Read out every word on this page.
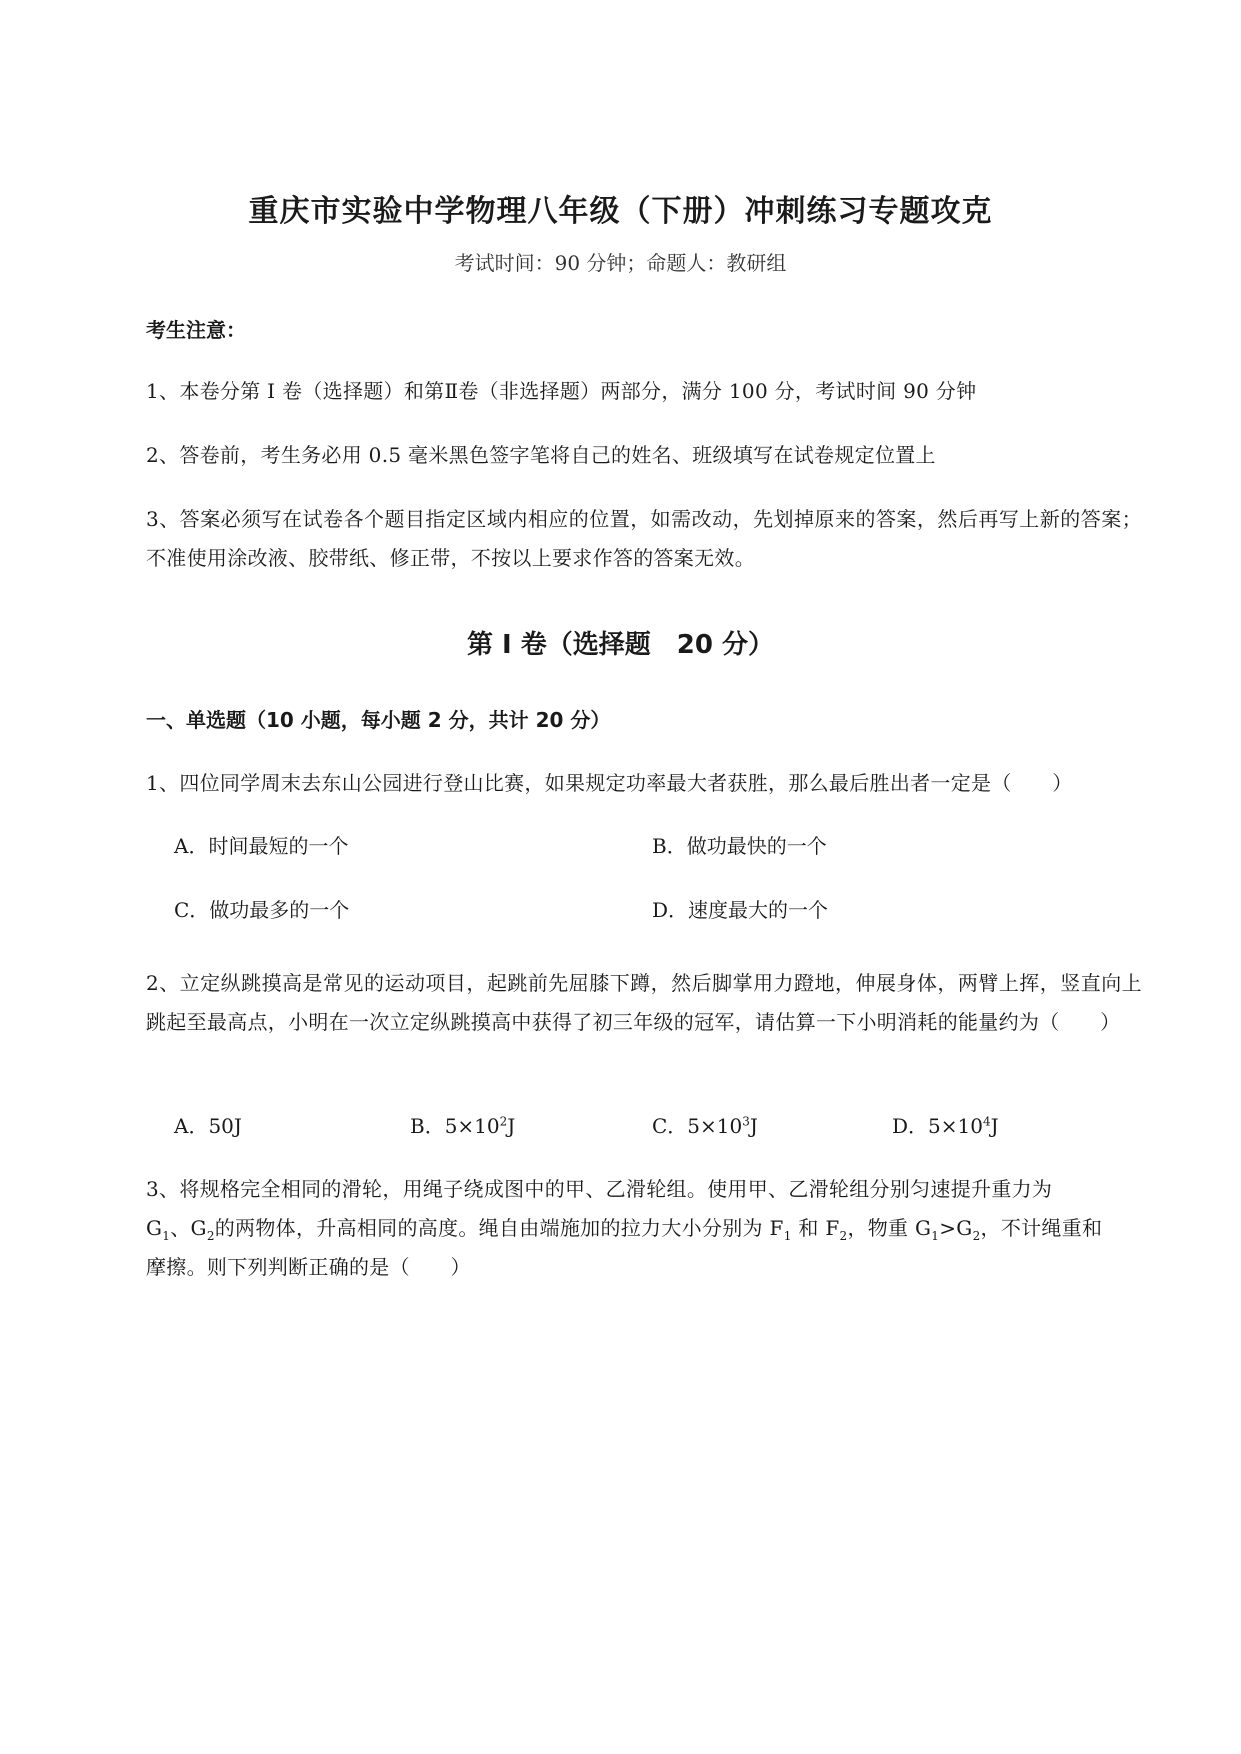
重庆市实验中学物理八年级（下册）冲刺练习专题攻克
考试时间：90 分钟；命题人：教研组
考生注意：
1、本卷分第 I 卷（选择题）和第Ⅱ卷（非选择题）两部分，满分 100 分，考试时间 90 分钟
2、答卷前，考生务必用 0.5 毫米黑色签字笔将自己的姓名、班级填写在试卷规定位置上
3、答案必须写在试卷各个题目指定区域内相应的位置，如需改动，先划掉原来的答案，然后再写上新的答案；不准使用涂改液、胶带纸、修正带，不按以上要求作答的答案无效。
第 I 卷（选择题　20 分）
一、单选题（10 小题，每小题 2 分，共计 20 分）
1、四位同学周末去东山公园进行登山比赛，如果规定功率最大者获胜，那么最后胜出者一定是（　　）
A．时间最短的一个	B．做功最快的一个
C．做功最多的一个	D．速度最大的一个
2、立定纵跳摸高是常见的运动项目，起跳前先屈膝下蹲，然后脚掌用力蹬地，伸展身体，两臂上挥，竖直向上跳起至最高点，小明在一次立定纵跳摸高中获得了初三年级的冠军，请估算一下小明消耗的能量约为（　　）
A．50J	B．$5\times 10^2J$	C．$5\times 10^3J$	D．$5\times 10^4J$
3、将规格完全相同的滑轮，用绳子绕成图中的甲、乙滑轮组。使用甲、乙滑轮组分别匀速提升重力为
$G_1$、$G_2$的两物体，升高相同的高度。绳自由端施加的拉力大小分别为 $F_1$ 和 $F_2$，物重 $G_1>G_2$，不计绳重和
摩擦。则下列判断正确的是（　　）
